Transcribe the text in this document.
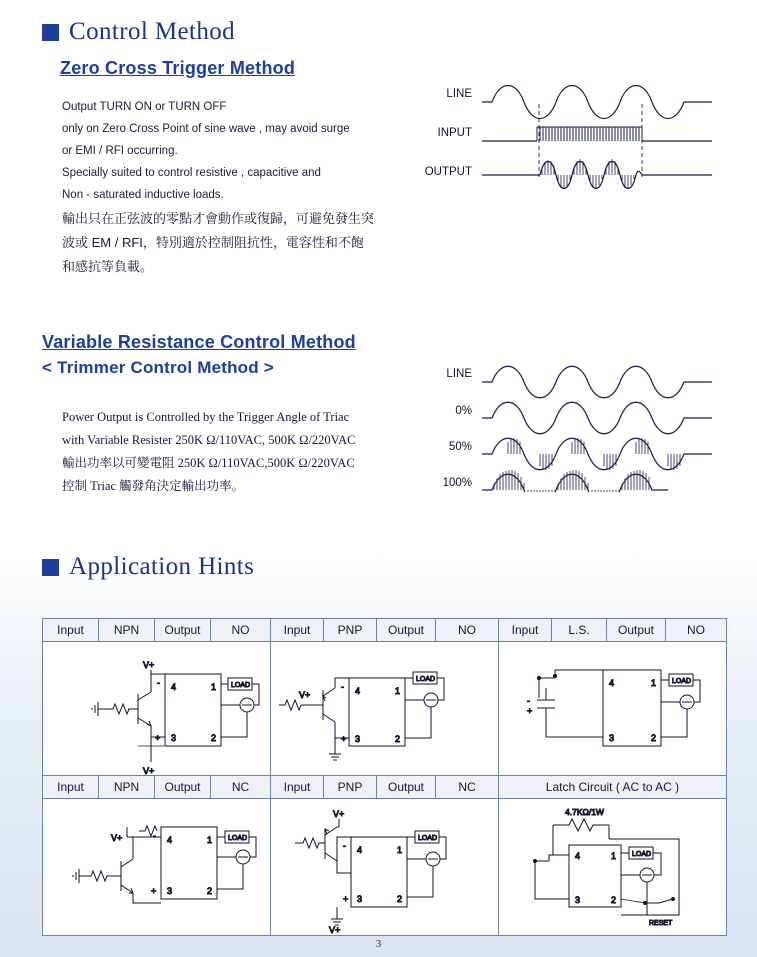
Control Method
Zero Cross Trigger Method
Output TURN ON or TURN OFF
only on Zero Cross Point of sine wave , may avoid surge
or EMI / RFI occurring.
Specially suited to control resistive , capacitive and
Non - saturated inductive loads.
輸出只在正弦波的零點才會動作或復歸，可避免發生突
波或 EM / RFI，特別適於控制阻抗性，電容性和不飽
和感抗等負載。
LINE
INPUT
OUTPUT
Variable Resistance Control Method
< Trimmer Control Method >
Power Output is Controlled by the Trigger Angle of Triac
with Variable Resister 250K Ω/110VAC, 500K Ω/220VAC
輸出功率以可變電阻 250K Ω/110VAC,500K Ω/220VAC
控制 Triac 觸發角決定輸出功率。
LINE
0%
50%
100%
Application Hints
Input	NPN	Output	NO	Input	PNP	Output	NO	Input	L.S.	Output	NO

4	1
3	2
-
+
LOAD
V+
V+

4	1
3	2
-
+
LOAD
V+

4	1
3	2
LOAD
-
+

Input	NPN	Output	NC	Input	PNP	Output	NC	Latch Circuit ( AC to AC )			

4	1
3	2
-
+
LOAD
V+

4	1
3	2
-
+
LOAD
V+
V+

4.7KΩ/1W
4	1
3	2
LOAD
RESET
3
